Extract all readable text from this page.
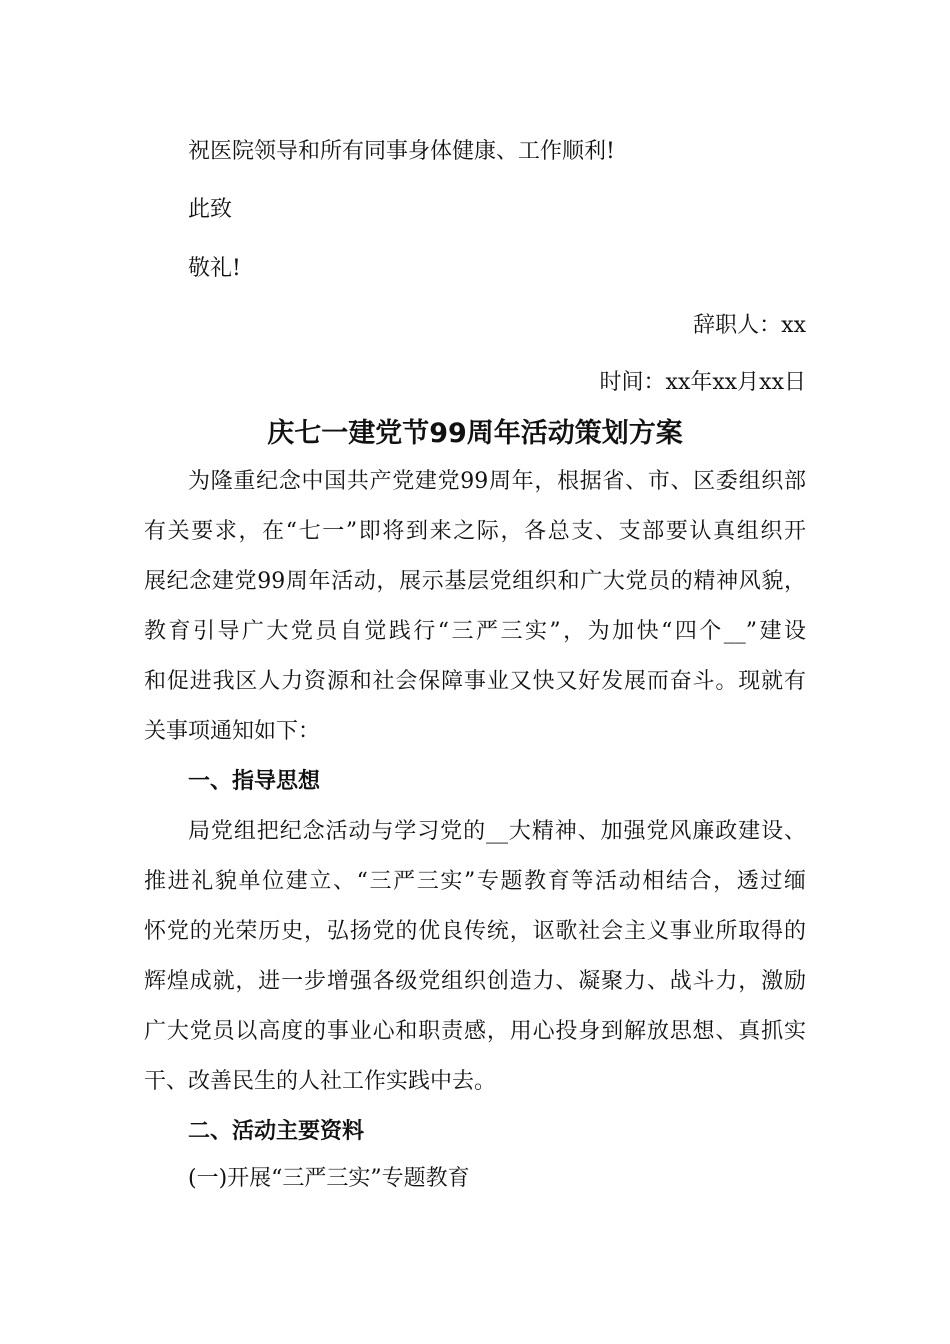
祝医院领导和所有同事身体健康、工作顺利!
此致
敬礼!
辞职人：xx
时间：xx年xx月xx日
庆七一建党节99周年活动策划方案
为隆重纪念中国共产党建党99周年，根据省、市、区委组织部
有关要求，在“七一”即将到来之际，各总支、支部要认真组织开
展纪念建党99周年活动，展示基层党组织和广大党员的精神风貌，
教育引导广大党员自觉践行“三严三实”，为加快“四个__”建设
和促进我区人力资源和社会保障事业又快又好发展而奋斗。现就有
关事项通知如下：
一、指导思想
局党组把纪念活动与学习党的__大精神、加强党风廉政建设、
推进礼貌单位建立、“三严三实”专题教育等活动相结合，透过缅
怀党的光荣历史，弘扬党的优良传统，讴歌社会主义事业所取得的
辉煌成就，进一步增强各级党组织创造力、凝聚力、战斗力，激励
广大党员以高度的事业心和职责感，用心投身到解放思想、真抓实
干、改善民生的人社工作实践中去。
二、活动主要资料
(一)开展“三严三实”专题教育
